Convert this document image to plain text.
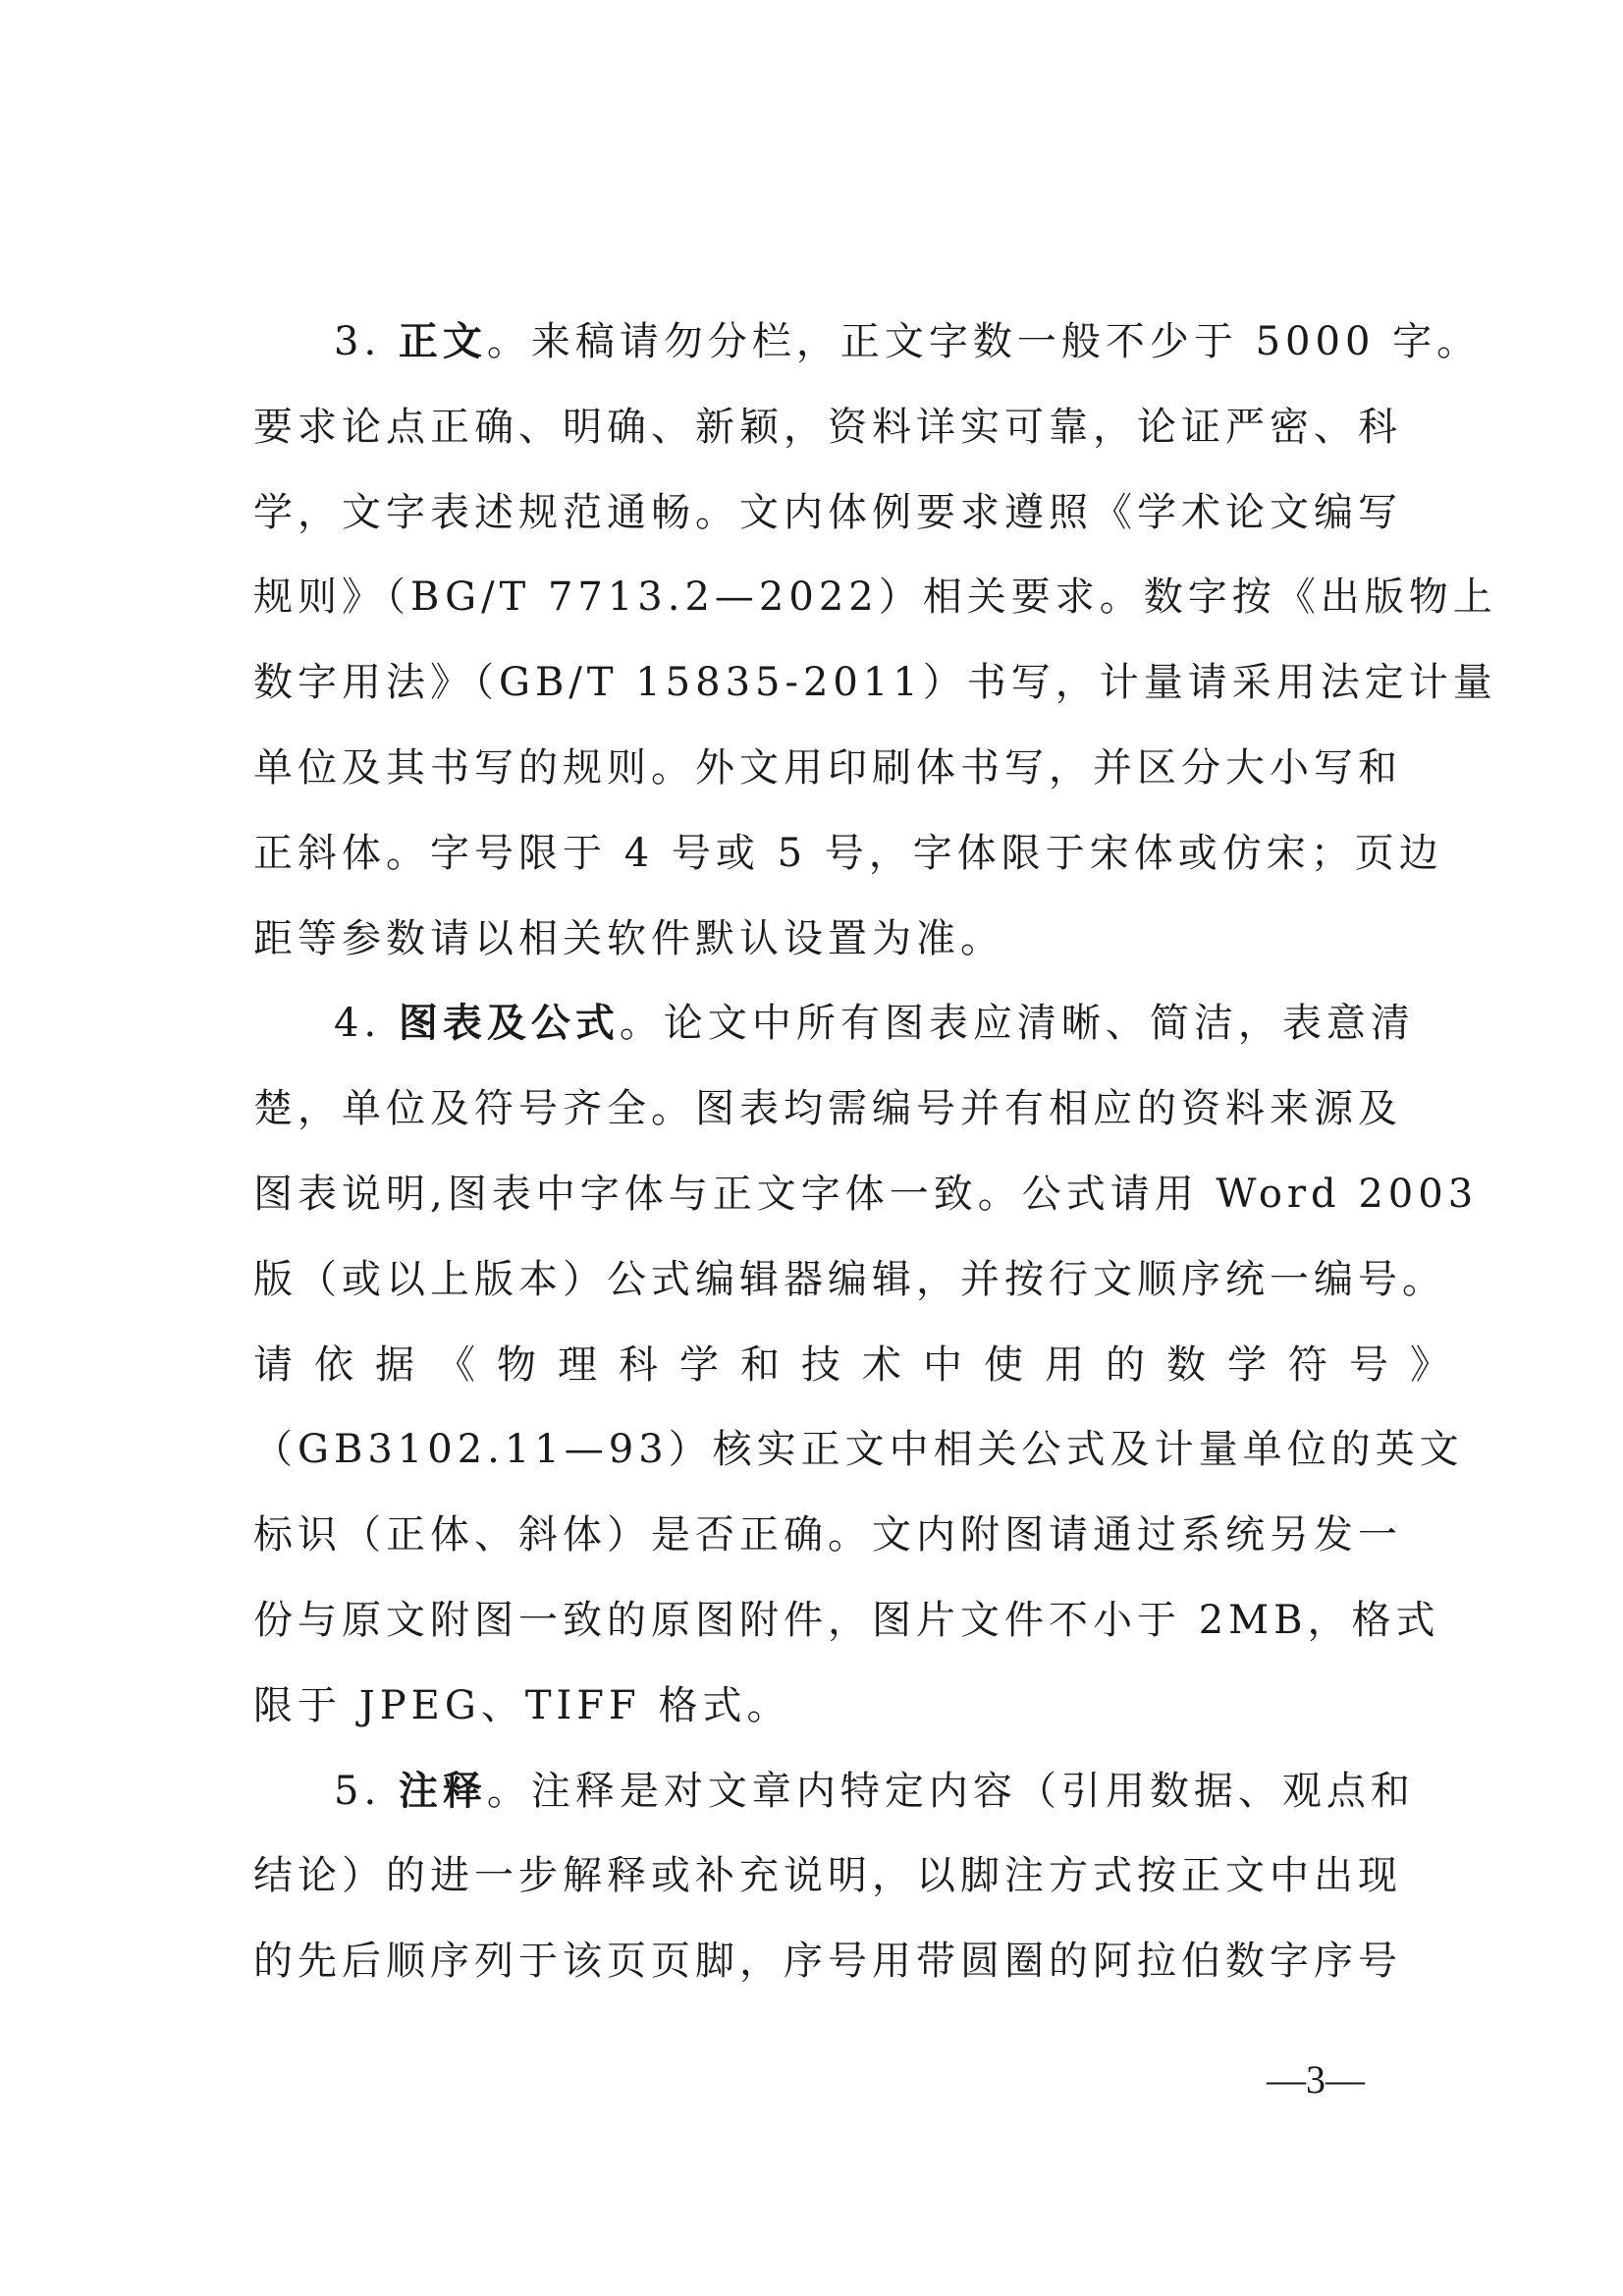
3. 正文。来稿请勿分栏，正文字数一般不少于 5000 字。
要求论点正确、明确、新颖，资料详实可靠，论证严密、科
学，文字表述规范通畅。文内体例要求遵照《学术论文编写
规则》（BG/T 7713.2—2022）相关要求。数字按《出版物上
数字用法》（GB/T 15835-2011）书写，计量请采用法定计量
单位及其书写的规则。外文用印刷体书写，并区分大小写和
正斜体。字号限于 4 号或 5 号，字体限于宋体或仿宋；页边
距等参数请以相关软件默认设置为准。
4. 图表及公式。论文中所有图表应清晰、简洁，表意清
楚，单位及符号齐全。图表均需编号并有相应的资料来源及
图表说明,图表中字体与正文字体一致。公式请用 Word 2003
版（或以上版本）公式编辑器编辑，并按行文顺序统一编号。
请依据《物理科学和技术中使用的数学符号》
（GB3102.11—93）核实正文中相关公式及计量单位的英文
标识（正体、斜体）是否正确。文内附图请通过系统另发一
份与原文附图一致的原图附件，图片文件不小于 2MB，格式
限于 JPEG、TIFF 格式。
5. 注释。注释是对文章内特定内容（引用数据、观点和
结论）的进一步解释或补充说明，以脚注方式按正文中出现
的先后顺序列于该页页脚，序号用带圆圈的阿拉伯数字序号
—3—
